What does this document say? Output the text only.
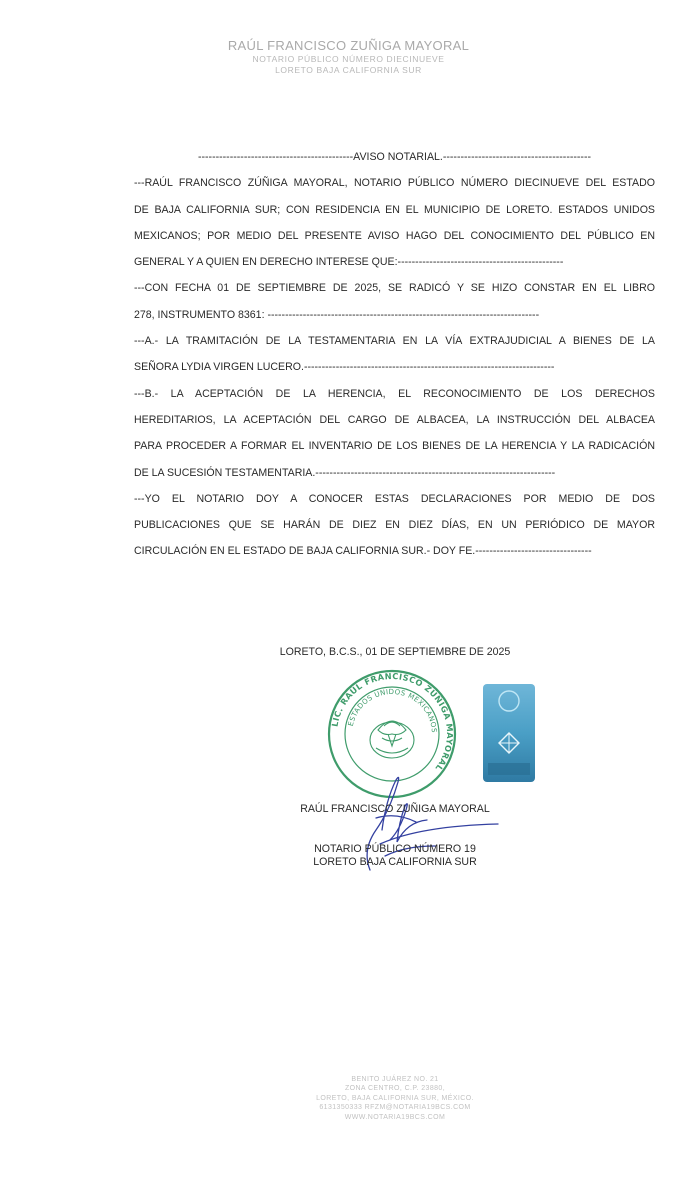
RAÚL FRANCISCO ZUÑIGA MAYORAL
NOTARIO PÚBLICO NÚMERO DIECINUEVE
LORETO BAJA CALIFORNIA SUR
--------------------------------------------AVISO NOTARIAL.------------------------------------------
---RAÚL FRANCISCO ZÚÑIGA MAYORAL, NOTARIO PÚBLICO NÚMERO DIECINUEVE DEL ESTADO
DE BAJA CALIFORNIA SUR; CON RESIDENCIA EN EL MUNICIPIO DE LORETO. ESTADOS UNIDOS
MEXICANOS; POR MEDIO DEL PRESENTE AVISO HAGO DEL CONOCIMIENTO DEL PÚBLICO EN
GENERAL Y A QUIEN EN DERECHO INTERESE QUE:-----------------------------------------------
---CON FECHA 01 DE SEPTIEMBRE DE 2025, SE RADICÓ Y SE HIZO CONSTAR EN EL LIBRO
278, INSTRUMENTO 8361: -----------------------------------------------------------------------------
---A.- LA TRAMITACIÓN DE LA TESTAMENTARIA EN LA VÍA EXTRAJUDICIAL A BIENES DE LA
SEÑORA LYDIA VIRGEN LUCERO.-----------------------------------------------------------------------
---B.- LA ACEPTACIÓN DE LA HERENCIA, EL RECONOCIMIENTO DE LOS DERECHOS
HEREDITARIOS, LA ACEPTACIÓN DEL CARGO DE ALBACEA, LA INSTRUCCIÓN DEL ALBACEA
PARA PROCEDER A FORMAR EL INVENTARIO DE LOS BIENES DE LA HERENCIA Y LA RADICACIÓN
DE LA SUCESIÓN TESTAMENTARIA.--------------------------------------------------------------------
---YO EL NOTARIO DOY A CONOCER ESTAS DECLARACIONES POR MEDIO DE DOS
PUBLICACIONES QUE SE HARÁN DE DIEZ EN DIEZ DÍAS, EN UN PERIÓDICO DE MAYOR
CIRCULACIÓN EN EL ESTADO DE BAJA CALIFORNIA SUR.- DOY FE.---------------------------------
LORETO, B.C.S., 01 DE SEPTIEMBRE DE 2025
LIC. RAÚL FRANCISCO ZÚÑIGA MAYORAL
ESTADOS UNIDOS MEXICANOS
RAÚL FRANCISCO ZUÑIGA MAYORAL
NOTARIO PÚBLICO NÚMERO 19
LORETO BAJA CALIFORNIA SUR
BENITO JUÁREZ NO. 21
ZONA CENTRO, C.P. 23880,
LORETO, BAJA CALIFORNIA SUR, MÉXICO.
6131350333 RFZM@NOTARIA19BCS.COM
WWW.NOTARIA19BCS.COM
